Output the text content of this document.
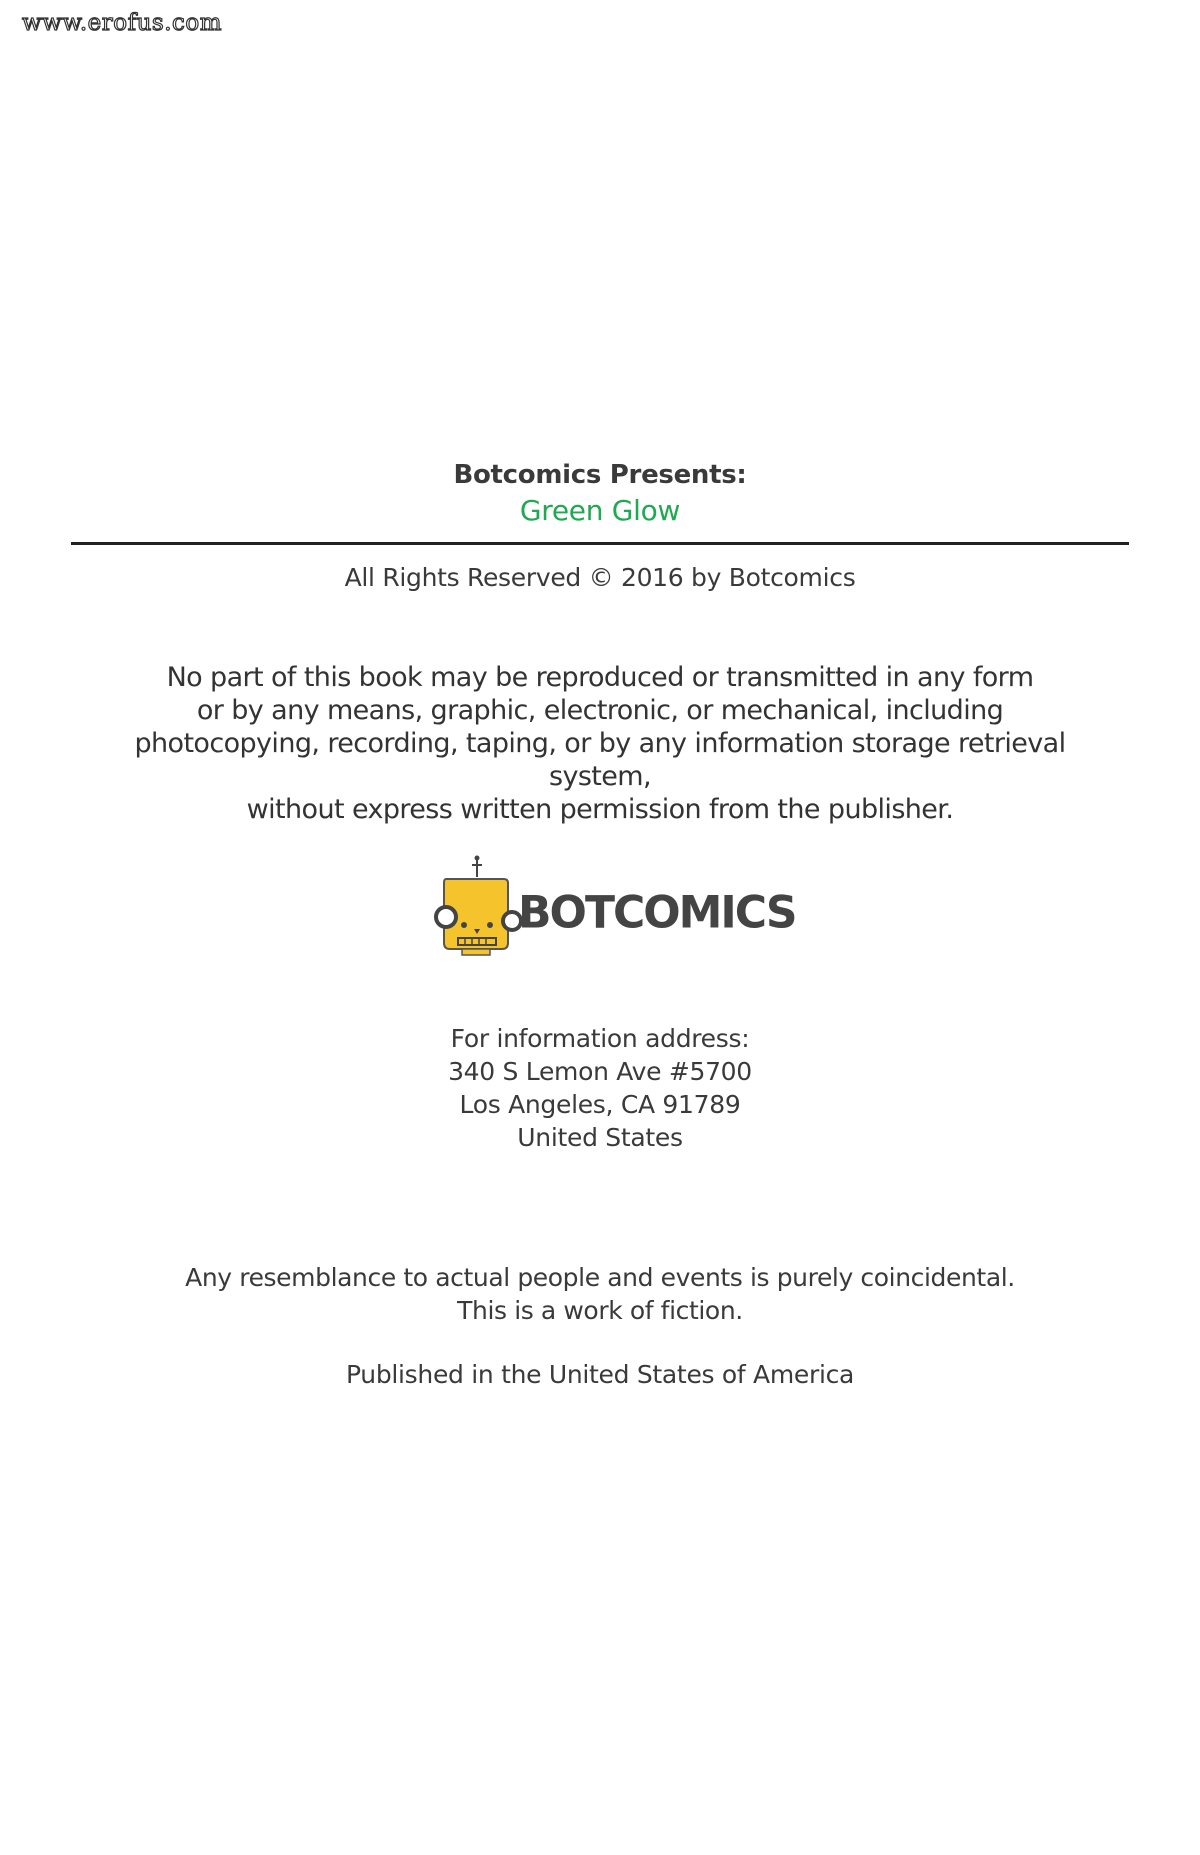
www.erofus.com
Botcomics Presents:
Green Glow
All Rights Reserved © 2016 by Botcomics
No part of this book may be reproduced or transmitted in any form
or by any means, graphic, electronic, or mechanical, including
photocopying, recording, taping, or by any information storage retrieval
system,
without express written permission from the publisher.
BOTCOMICS
For information address:
340 S Lemon Ave #5700
Los Angeles, CA 91789
United States
Any resemblance to actual people and events is purely coincidental.
This is a work of fiction.
Published in the United States of America
